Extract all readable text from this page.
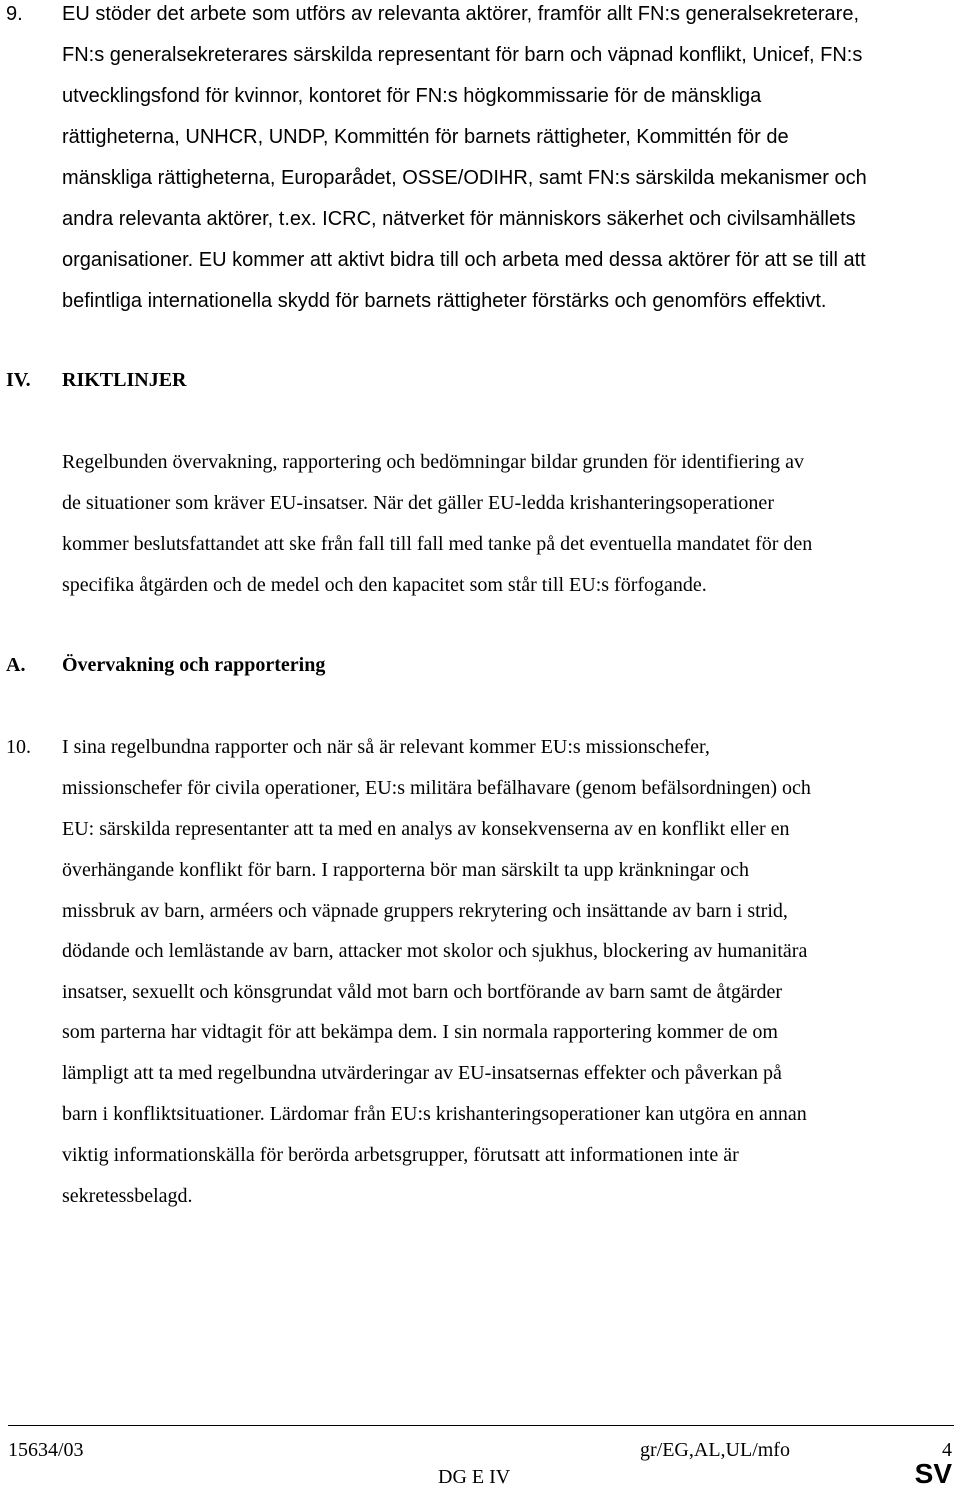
9. EU stöder det arbete som utförs av relevanta aktörer, framför allt FN:s generalsekreterare,
FN:s generalsekreterares särskilda representant för barn och väpnad konflikt, Unicef, FN:s
utvecklingsfond för kvinnor, kontoret för FN:s högkommissarie för de mänskliga
rättigheterna, UNHCR, UNDP, Kommittén för barnets rättigheter, Kommittén för de
mänskliga rättigheterna, Europarådet, OSSE/ODIHR, samt FN:s särskilda mekanismer och
andra relevanta aktörer, t.ex. ICRC, nätverket för människors säkerhet och civilsamhällets
organisationer. EU kommer att aktivt bidra till och arbeta med dessa aktörer för att se till att
befintliga internationella skydd för barnets rättigheter förstärks och genomförs effektivt.
IV. RIKTLINJER
Regelbunden övervakning, rapportering och bedömningar bildar grunden för identifiering av
de situationer som kräver EU-insatser. När det gäller EU-ledda krishanteringsoperationer
kommer beslutsfattandet att ske från fall till fall med tanke på det eventuella mandatet för den
specifika åtgärden och de medel och den kapacitet som står till EU:s förfogande.
A. Övervakning och rapportering
10. I sina regelbundna rapporter och när så är relevant kommer EU:s missionschefer,
missionschefer för civila operationer, EU:s militära befälhavare (genom befälsordningen) och
EU: särskilda representanter att ta med en analys av konsekvenserna av en konflikt eller en
överhängande konflikt för barn. I rapporterna bör man särskilt ta upp kränkningar och
missbruk av barn, arméers och väpnade gruppers rekrytering och insättande av barn i strid,
dödande och lemlästande av barn, attacker mot skolor och sjukhus, blockering av humanitära
insatser, sexuellt och könsgrundat våld mot barn och bortförande av barn samt de åtgärder
som parterna har vidtagit för att bekämpa dem. I sin normala rapportering kommer de om
lämpligt att ta med regelbundna utvärderingar av EU-insatsernas effekter och påverkan på
barn i konfliktsituationer. Lärdomar från EU:s krishanteringsoperationer kan utgöra en annan
viktig informationskälla för berörda arbetsgrupper, förutsatt att informationen inte är
sekretessbelagd.
15634/03	gr/EG,AL,UL/mfo	4
DG E IV	SV
